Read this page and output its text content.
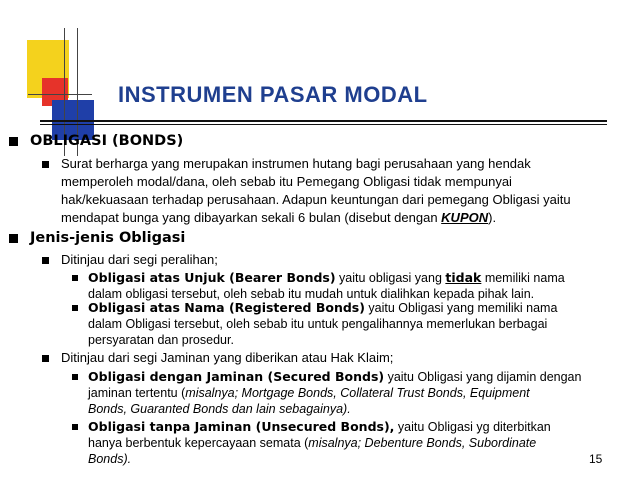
INSTRUMEN PASAR MODAL
OBLIGASI (BONDS)
Surat berharga yang merupakan instrumen hutang bagi perusahaan yang hendak
memperoleh modal/dana, oleh sebab itu Pemegang Obligasi tidak mempunyai
hak/kekuasaan terhadap perusahaan. Adapun keuntungan dari pemegang Obligasi yaitu
mendapat bunga yang dibayarkan sekali 6 bulan (disebut dengan KUPON).
Jenis-jenis Obligasi
Ditinjau dari segi peralihan;
Obligasi atas Unjuk (Bearer Bonds) yaitu obligasi yang tidak memiliki nama
dalam obligasi tersebut, oleh sebab itu mudah untuk dialihkan kepada pihak lain.
Obligasi atas Nama (Registered Bonds) yaitu Obligasi yang memiliki nama
dalam Obligasi tersebut, oleh sebab itu untuk pengalihannya memerlukan berbagai
persyaratan dan prosedur.
Ditinjau dari segi Jaminan yang diberikan atau Hak Klaim;
Obligasi dengan Jaminan (Secured Bonds) yaitu Obligasi yang dijamin dengan
jaminan tertentu (misalnya; Mortgage Bonds, Collateral Trust Bonds, Equipment
Bonds, Guaranted Bonds dan lain sebagainya).
Obligasi tanpa Jaminan (Unsecured Bonds), yaitu Obligasi yg diterbitkan
hanya berbentuk kepercayaan semata (misalnya; Debenture Bonds, Subordinate
Bonds).	15
